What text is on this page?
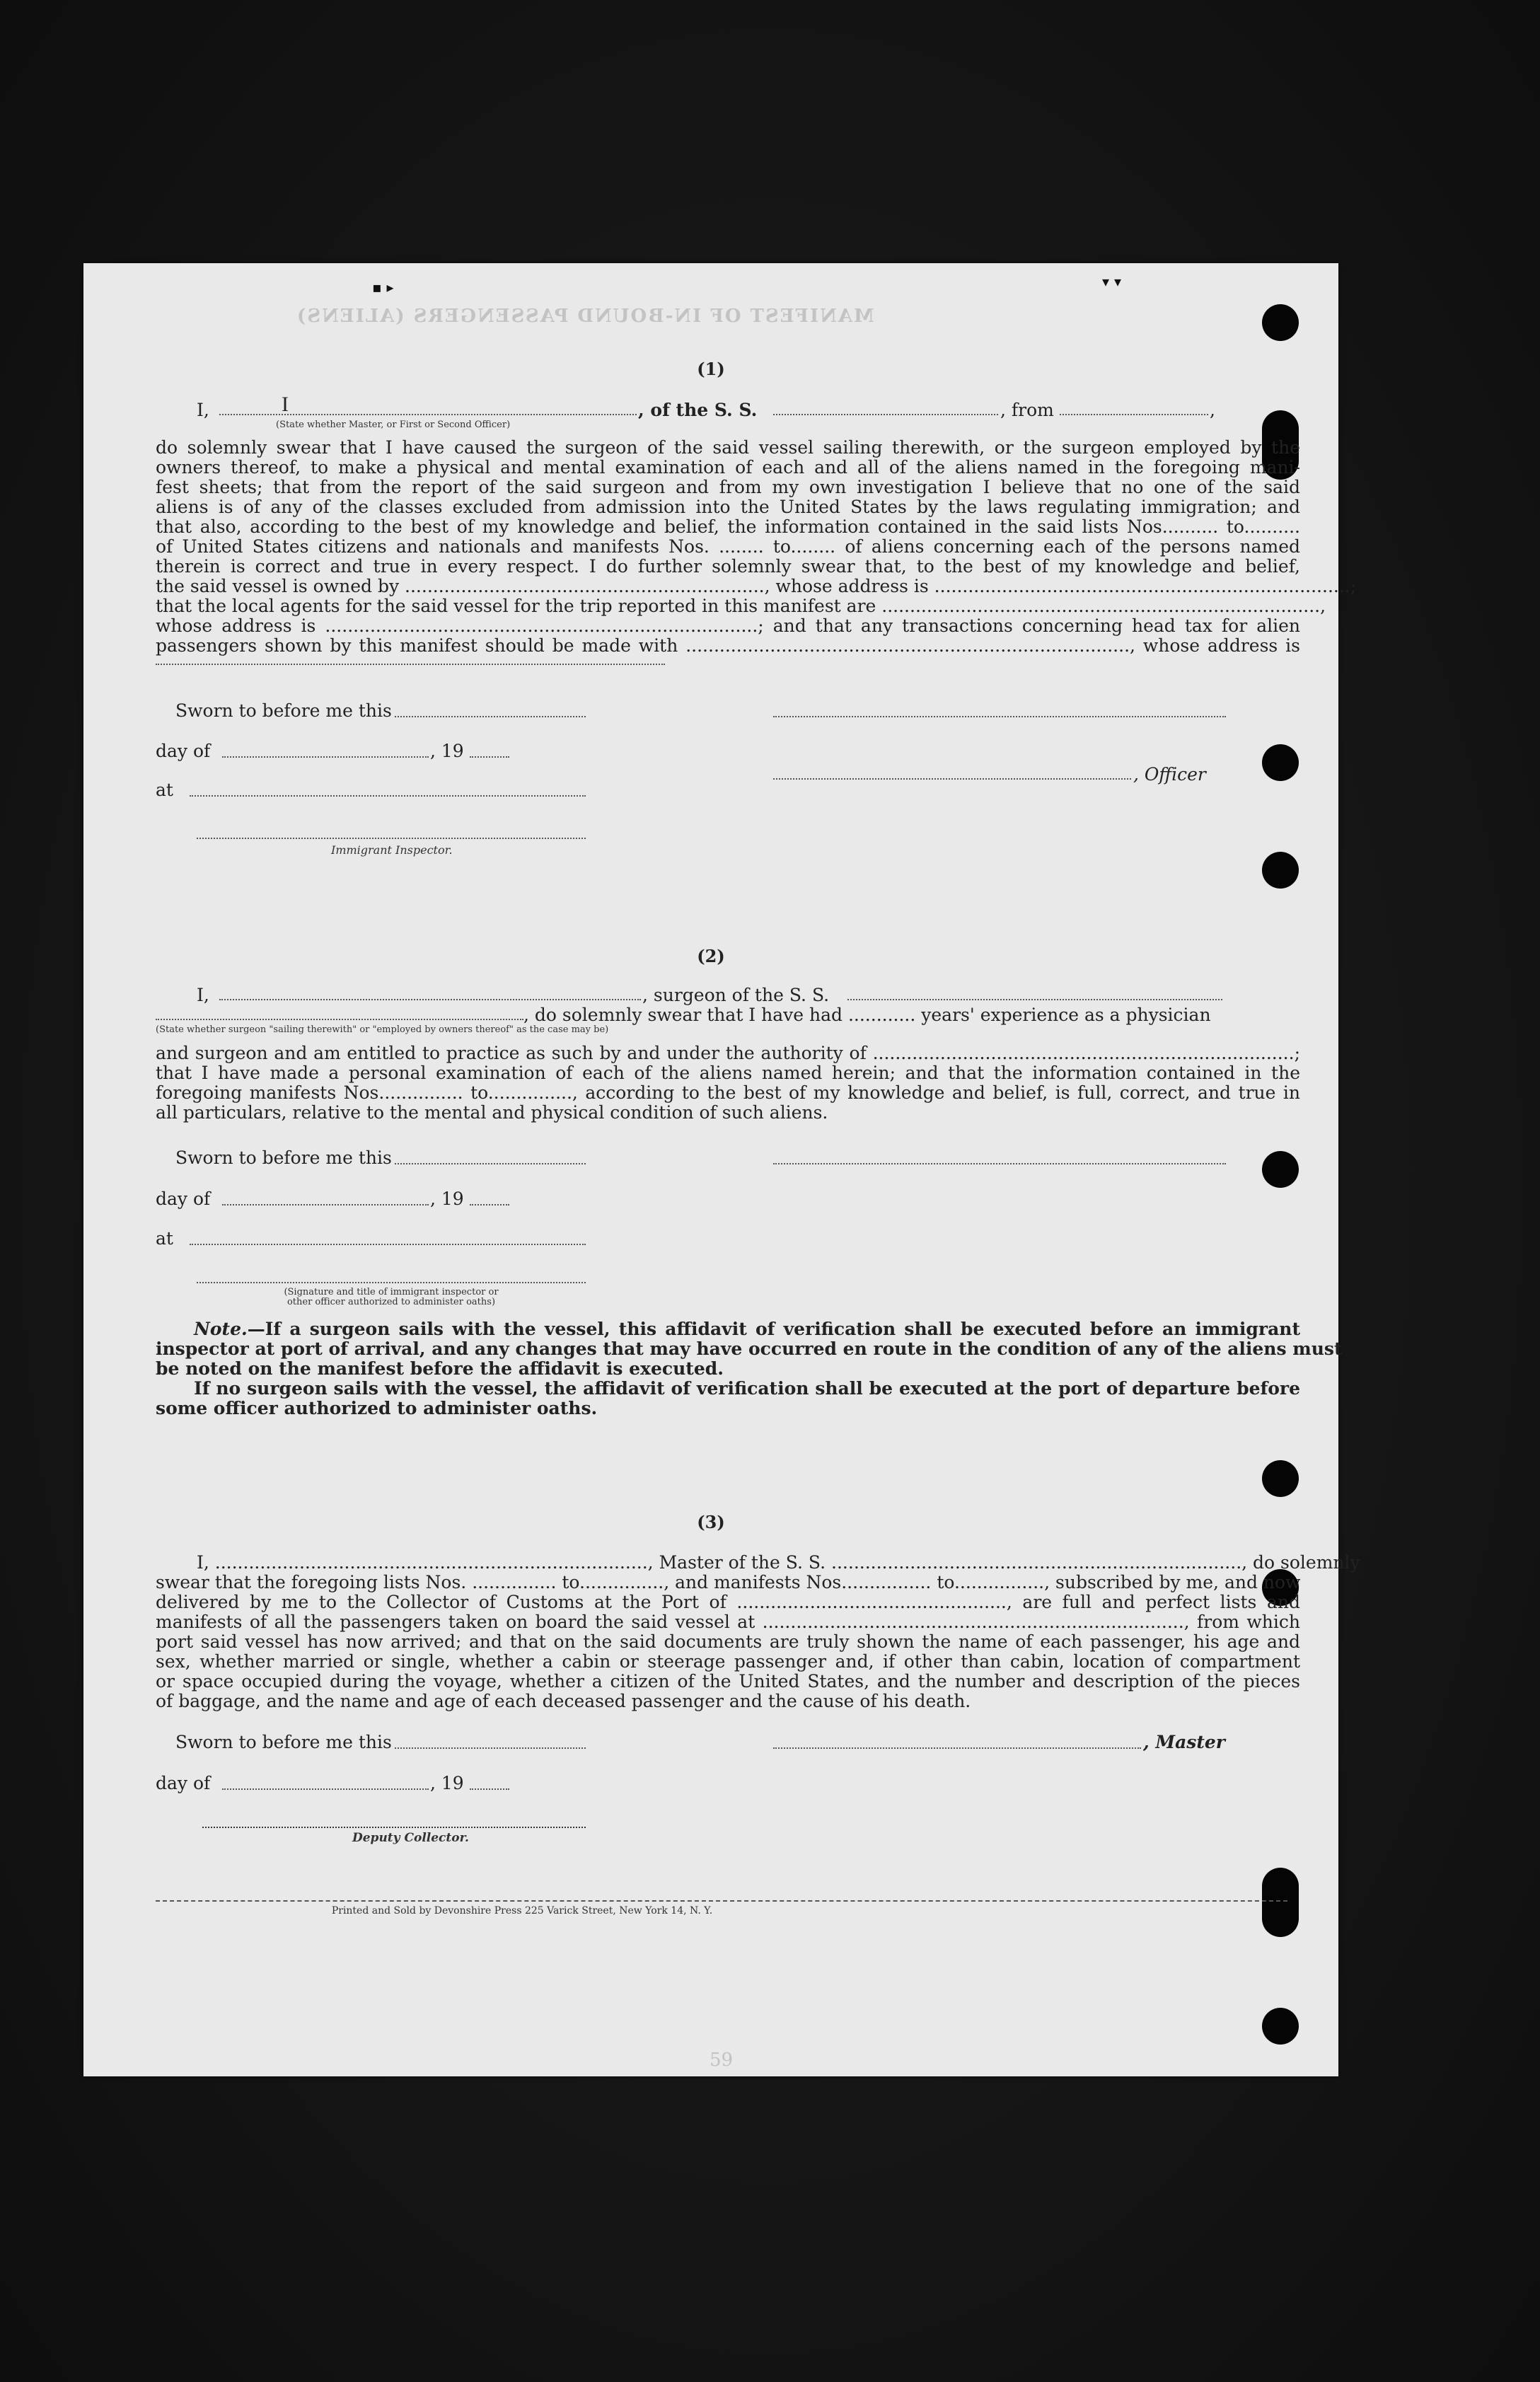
MANIFEST OF IN-BOUND PASSENGERS (ALIENS)
▪ ▸	▾ ▾
(1)
I,	I	, of the S. S.	, from	,
(State whether Master, or First or Second Officer)
do solemnly swear that I have caused the surgeon of the said vessel sailing therewith, or the surgeon employed by the
owners thereof, to make a physical and mental examination of each and all of the aliens named in the foregoing mani-
fest sheets; that from the report of the said surgeon and from my own investigation I believe that no one of the said
aliens is of any of the classes excluded from admission into the United States by the laws regulating immigration; and
that also, according to the best of my knowledge and belief, the information contained in the said lists Nos.......... to..........
of United States citizens and nationals and manifests Nos. ........ to........ of aliens concerning each of the persons named
therein is correct and true in every respect. I do further solemnly swear that, to the best of my knowledge and belief,
the said vessel is owned by ................................................................, whose address is ..........................................................................;
that the local agents for the said vessel for the trip reported in this manifest are ..............................................................................,
whose address is .............................................................................; and that any transactions concerning head tax for alien
passengers shown by this manifest should be made with ..............................................................................., whose address is
Sworn to before me this
day of	, 19
at
, Officer
Immigrant Inspector.
(2)
I,	, surgeon of the S. S.
, do solemnly swear that I have had ............ years' experience as a physician
(State whether surgeon "sailing therewith" or "employed by owners thereof" as the case may be)
and surgeon and am entitled to practice as such by and under the authority of ...........................................................................;
that I have made a personal examination of each of the aliens named herein; and that the information contained in the
foregoing manifests Nos............... to..............., according to the best of my knowledge and belief, is full, correct, and true in
all particulars, relative to the mental and physical condition of such aliens.
Sworn to before me this
day of	, 19
at
(Signature and title of immigrant inspector or
other officer authorized to administer oaths)
Note.—If a surgeon sails with the vessel, this affidavit of verification shall be executed before an immigrant
inspector at port of arrival, and any changes that may have occurred en route in the condition of any of the aliens must
be noted on the manifest before the affidavit is executed.
If no surgeon sails with the vessel, the affidavit of verification shall be executed at the port of departure before
some officer authorized to administer oaths.
(3)
I, ............................................................................., Master of the S. S. ........................................................................., do solemnly
swear that the foregoing lists Nos. ............... to..............., and manifests Nos................ to................, subscribed by me, and now
delivered by me to the Collector of Customs at the Port of ................................................, are full and perfect lists and
manifests of all the passengers taken on board the said vessel at ..........................................................................., from which
port said vessel has now arrived; and that on the said documents are truly shown the name of each passenger, his age and
sex, whether married or single, whether a cabin or steerage passenger and, if other than cabin, location of compartment
or space occupied during the voyage, whether a citizen of the United States, and the number and description of the pieces
of baggage, and the name and age of each deceased passenger and the cause of his death.
Sworn to before me this	, Master
day of	, 19
Deputy Collector.
Printed and Sold by Devonshire Press 225 Varick Street, New York 14, N. Y.
59
